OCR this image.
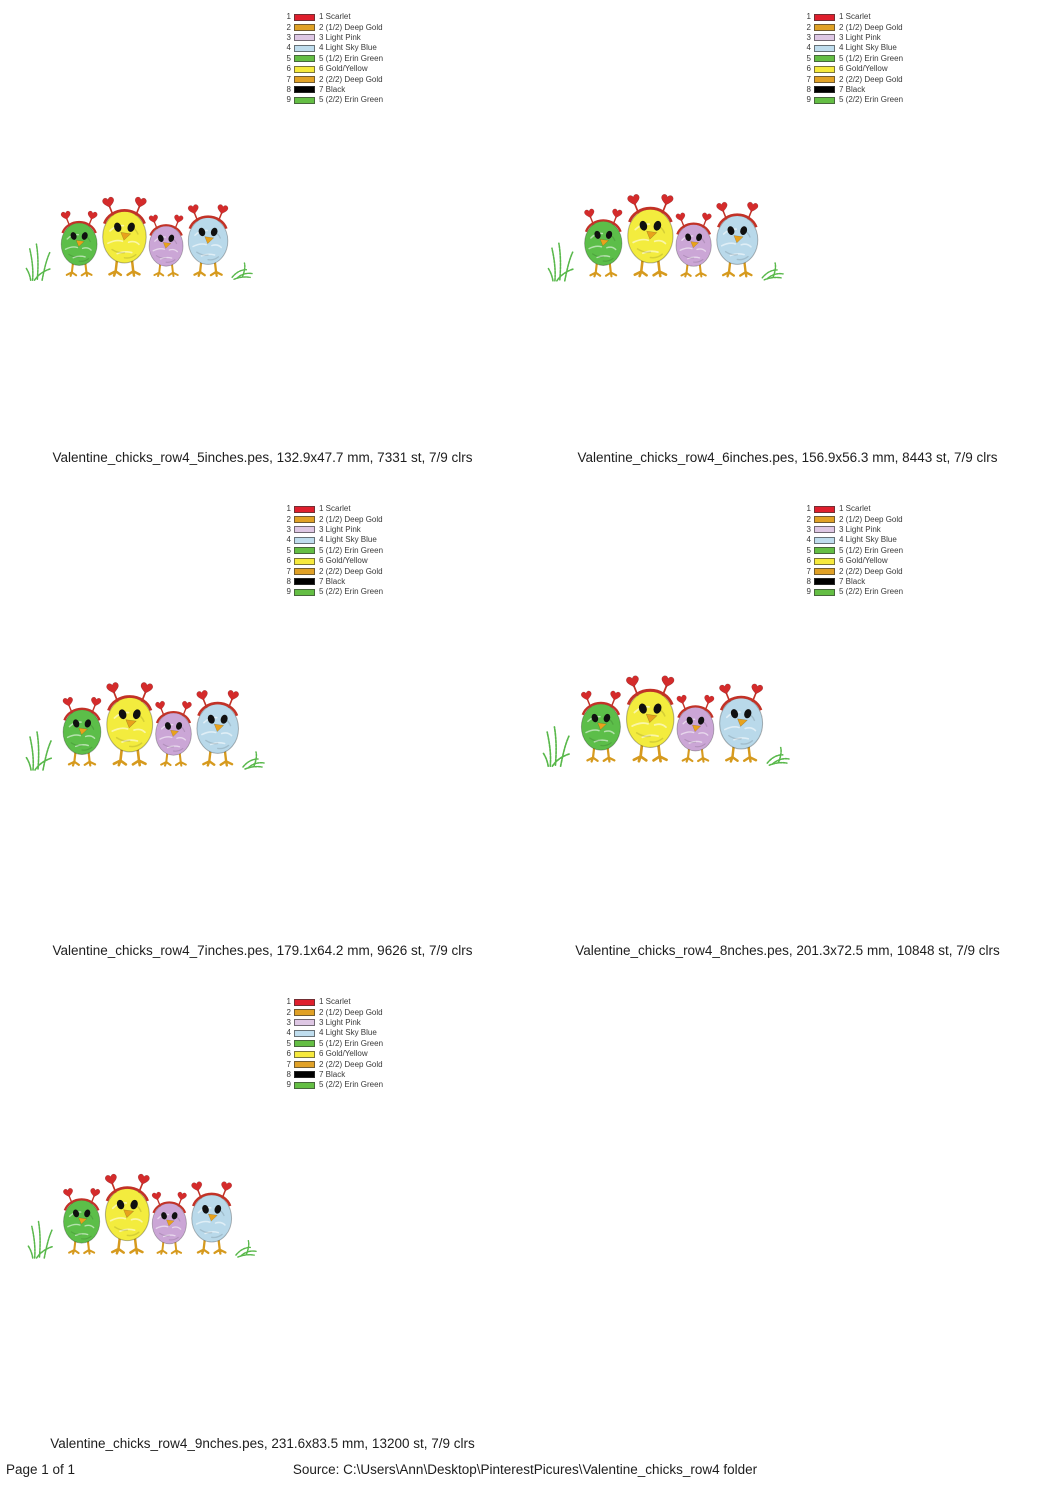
1	1 Scarlet
2	2 (1/2) Deep Gold
3	3 Light Pink
4	4 Light Sky Blue
5	5 (1/2) Erin Green
6	6 Gold/Yellow
7	2 (2/2) Deep Gold
8	7 Black
9	5 (2/2) Erin Green
Valentine_chicks_row4_5inches.pes, 132.9x47.7 mm, 7331 st, 7/9 clrs
1	1 Scarlet
2	2 (1/2) Deep Gold
3	3 Light Pink
4	4 Light Sky Blue
5	5 (1/2) Erin Green
6	6 Gold/Yellow
7	2 (2/2) Deep Gold
8	7 Black
9	5 (2/2) Erin Green
Valentine_chicks_row4_6inches.pes, 156.9x56.3 mm, 8443 st, 7/9 clrs
1	1 Scarlet
2	2 (1/2) Deep Gold
3	3 Light Pink
4	4 Light Sky Blue
5	5 (1/2) Erin Green
6	6 Gold/Yellow
7	2 (2/2) Deep Gold
8	7 Black
9	5 (2/2) Erin Green
Valentine_chicks_row4_7inches.pes, 179.1x64.2 mm, 9626 st, 7/9 clrs
1	1 Scarlet
2	2 (1/2) Deep Gold
3	3 Light Pink
4	4 Light Sky Blue
5	5 (1/2) Erin Green
6	6 Gold/Yellow
7	2 (2/2) Deep Gold
8	7 Black
9	5 (2/2) Erin Green
Valentine_chicks_row4_8nches.pes, 201.3x72.5 mm, 10848 st, 7/9 clrs
1	1 Scarlet
2	2 (1/2) Deep Gold
3	3 Light Pink
4	4 Light Sky Blue
5	5 (1/2) Erin Green
6	6 Gold/Yellow
7	2 (2/2) Deep Gold
8	7 Black
9	5 (2/2) Erin Green
Valentine_chicks_row4_9nches.pes, 231.6x83.5 mm, 13200 st, 7/9 clrs
Page 1 of 1	Source: C:\Users\Ann\Desktop\PinterestPicures\Valentine_chicks_row4 folder
